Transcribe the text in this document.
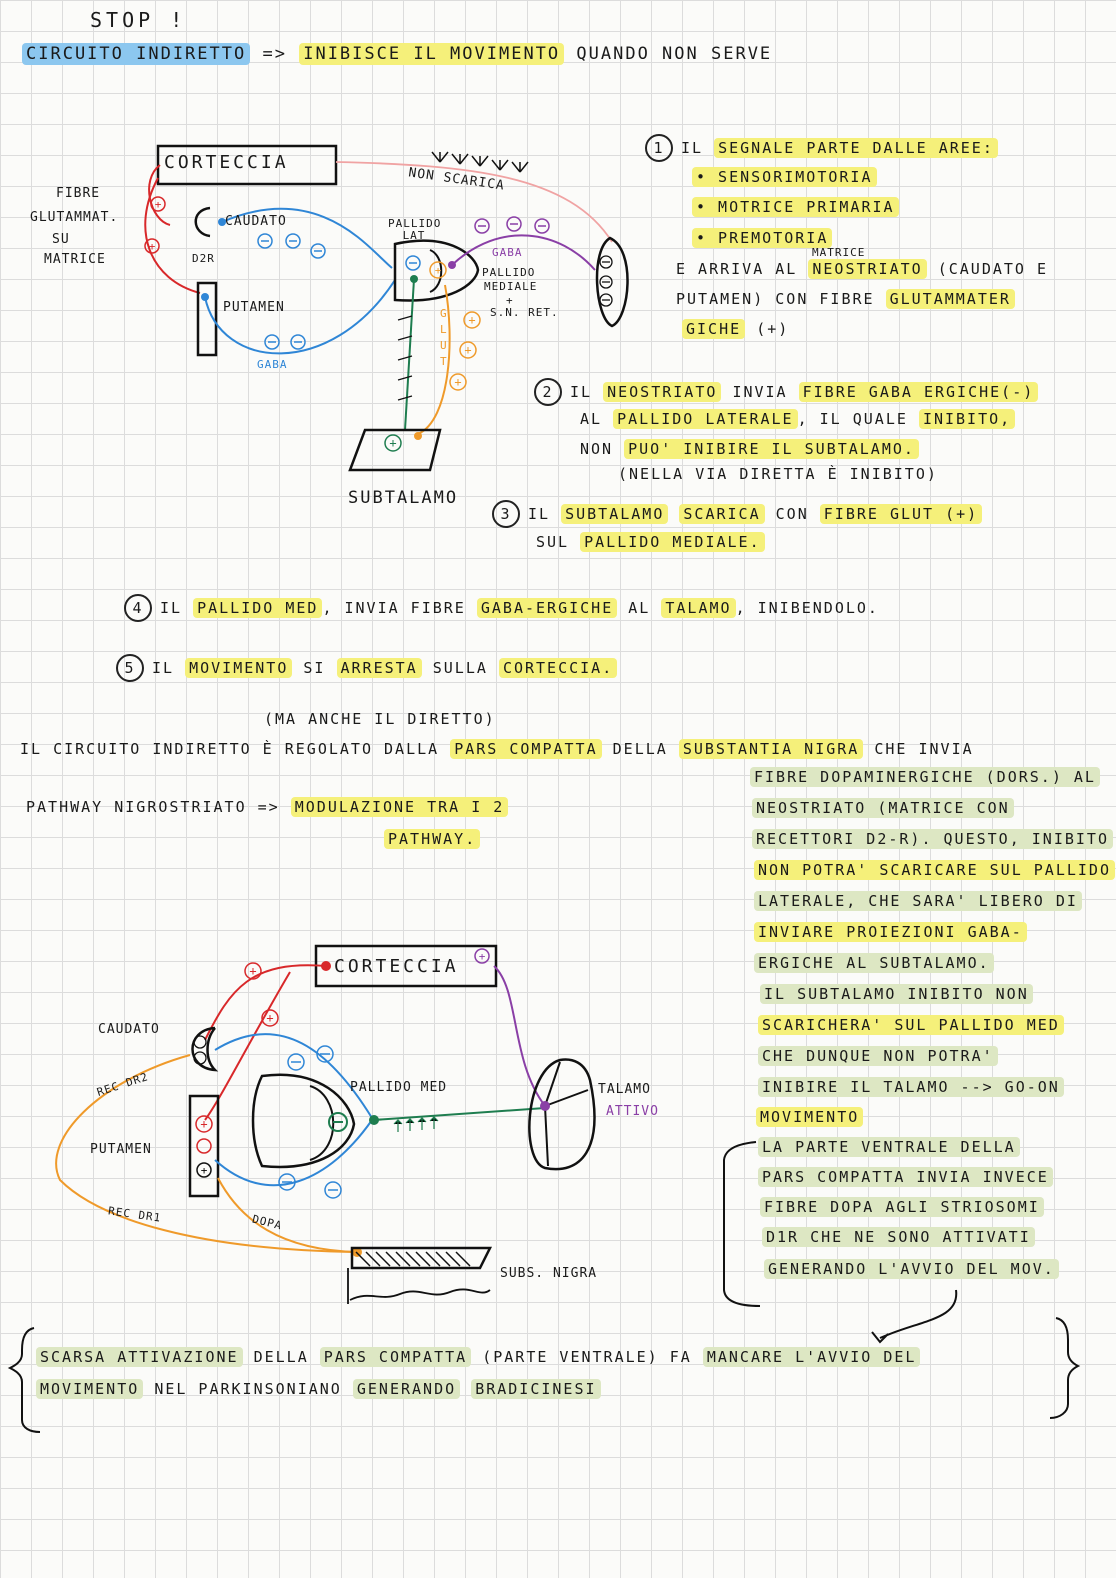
STOP !
CIRCUITO INDIRETTO => INIBISCE IL MOVIMENTO QUANDO NON SERVE
+
+
+
+
+
+
+
CORTECCIA
FIBRE
GLUTAMMAT.
SU
MATRICE
CAUDATO
D2R
PUTAMEN
GABA
NON SCARICA
PALLIDO LAT
GABA
PALLIDO
MEDIALE
+
S.N. RET.
GLUT
SUBTALAMO
1 IL SEGNALE PARTE DALLE AREE:
• SENSORIMOTORIA
• MOTRICE PRIMARIA
• PREMOTORIA
MATRICE
E ARRIVA AL NEOSTRIATO (CAUDATO E
PUTAMEN) CON FIBRE GLUTAMMATER
GICHE (+)
2 IL NEOSTRIATO INVIA FIBRE GABA ERGICHE(-)
AL PALLIDO LATERALE , IL QUALE INIBITO,
NON PUO' INIBIRE IL SUBTALAMO.
(NELLA VIA DIRETTA È INIBITO)
3 IL SUBTALAMO SCARICA CON FIBRE GLUT (+)
SUL PALLIDO MEDIALE.
4 IL PALLIDO MED , INVIA FIBRE GABA-ERGICHE AL TALAMO , INIBENDOLO.
5 IL MOVIMENTO SI ARRESTA SULLA CORTECCIA.
(MA ANCHE IL DIRETTO)
IL CIRCUITO INDIRETTO È REGOLATO DALLA PARS COMPATTA DELLA SUBSTANTIA NIGRA CHE INVIA
PATHWAY NIGROSTRIATO => MODULAZIONE TRA I 2
PATHWAY.
FIBRE DOPAMINERGICHE (DORS.) AL
NEOSTRIATO (MATRICE CON
RECETTORI D2-R). QUESTO, INIBITO
NON POTRA' SCARICARE SUL PALLIDO
LATERALE, CHE SARA' LIBERO DI
INVIARE PROIEZIONI GABA-
ERGICHE AL SUBTALAMO.
IL SUBTALAMO INIBITO NON
SCARICHERA' SUL PALLIDO MED
CHE DUNQUE NON POTRA'
INIBIRE IL TALAMO --> GO-ON
MOVIMENTO
LA PARTE VENTRALE DELLA
PARS COMPATTA INVIA INVECE
FIBRE DOPA AGLI STRIOSOMI
D1R CHE NE SONO ATTIVATI
GENERANDO L'AVVIO DEL MOV.
+
+
+
+
+
CORTECCIA
CAUDATO
REC DR2
PUTAMEN
REC DR1	DOPA
PALLIDO MED	TALAMO
ATTIVO
SUBS. NIGRA
SCARSA ATTIVAZIONE DELLA PARS COMPATTA (PARTE VENTRALE) FA MANCARE L'AVVIO DEL
MOVIMENTO NEL PARKINSONIANO GENERANDO BRADICINESI
